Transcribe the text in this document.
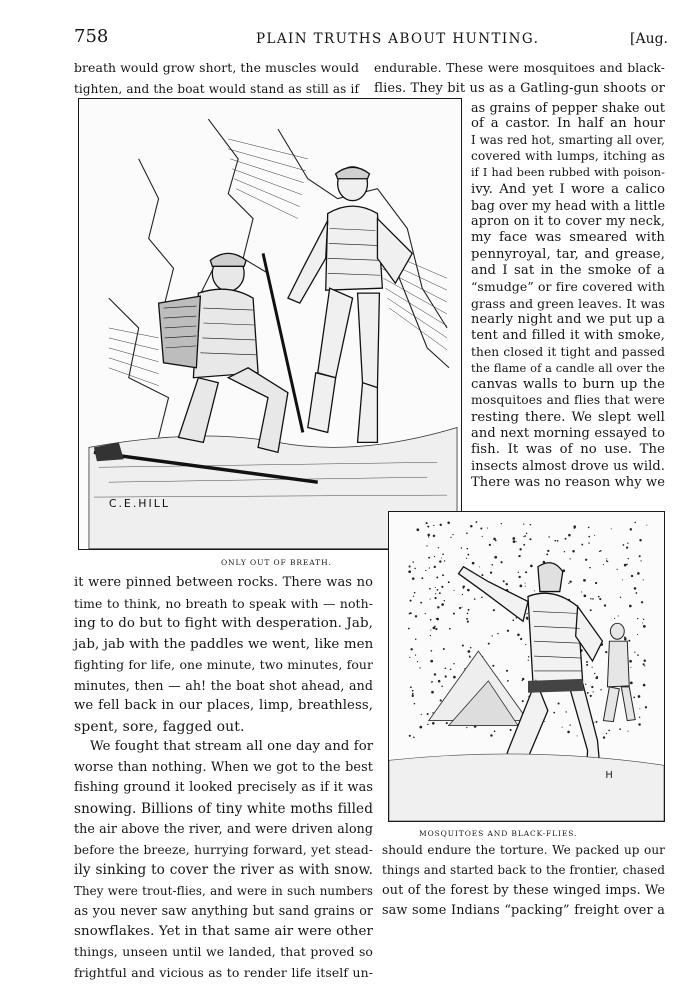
758	PLAIN TRUTHS ABOUT HUNTING.	[Aug.
breath would grow short, the muscles would
tighten, and the boat would stand as still as if
endurable. These were mosquitoes and black-
flies. They bit us as a Gatling-gun shoots or
C.E.HILL
ONLY OUT OF BREATH.
as grains of pepper shake out
of a castor. In half an hour
I was red hot, smarting all over,
covered with lumps, itching as
if I had been rubbed with poison-
ivy. And yet I wore a calico
bag over my head with a little
apron on it to cover my neck,
my face was smeared with
pennyroyal, tar, and grease,
and I sat in the smoke of a
“smudge” or fire covered with
grass and green leaves. It was
nearly night and we put up a
tent and filled it with smoke,
then closed it tight and passed
the flame of a candle all over the
canvas walls to burn up the
mosquitoes and flies that were
resting there. We slept well
and next morning essayed to
fish. It was of no use. The
insects almost drove us wild.
There was no reason why we
H
MOSQUITOES AND BLACK-FLIES.
it were pinned between rocks. There was no
time to think, no breath to speak with — noth-
ing to do but to fight with desperation. Jab,
jab, jab with the paddles we went, like men
fighting for life, one minute, two minutes, four
minutes, then — ah! the boat shot ahead, and
we fell back in our places, limp, breathless,
spent, sore, fagged out.
We fought that stream all one day and for
worse than nothing. When we got to the best
fishing ground it looked precisely as if it was
snowing. Billions of tiny white moths filled
the air above the river, and were driven along
before the breeze, hurrying forward, yet stead-
ily sinking to cover the river as with snow.
They were trout-flies, and were in such numbers
as you never saw anything but sand grains or
snowflakes. Yet in that same air were other
things, unseen until we landed, that proved so
frightful and vicious as to render life itself un-
should endure the torture. We packed up our
things and started back to the frontier, chased
out of the forest by these winged imps. We
saw some Indians “packing” freight over a
